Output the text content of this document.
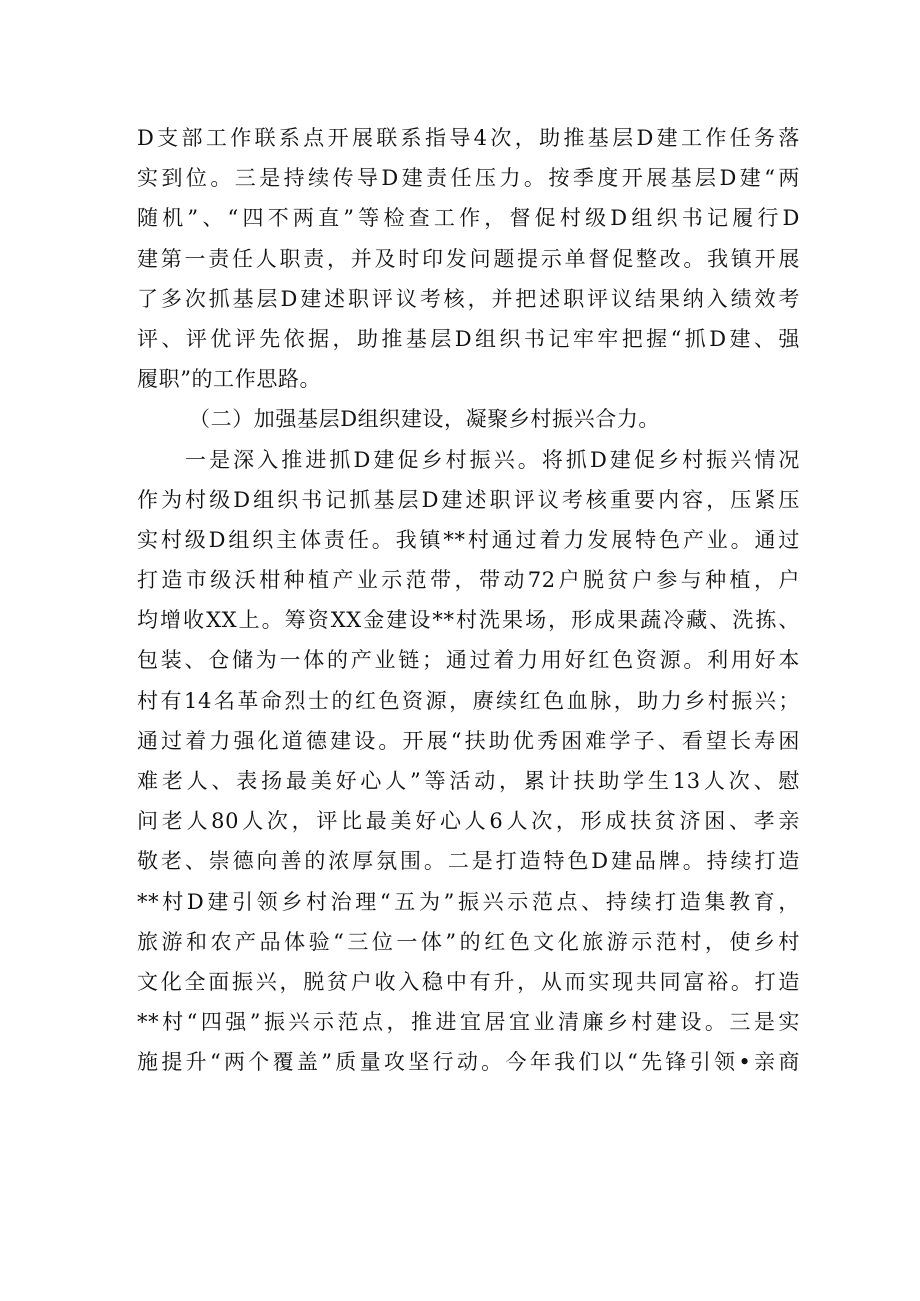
D支部工作联系点开展联系指导4次，助推基层D建工作任务落
实到位。三是持续传导D建责任压力。按季度开展基层D建“两
随机”、“四不两直”等检查工作，督促村级D组织书记履行D
建第一责任人职责，并及时印发问题提示单督促整改。我镇开展
了多次抓基层D建述职评议考核，并把述职评议结果纳入绩效考
评、评优评先依据，助推基层D组织书记牢牢把握“抓D建、强
履职”的工作思路。
（二）加强基层D组织建设，凝聚乡村振兴合力。
一是深入推进抓D建促乡村振兴。将抓D建促乡村振兴情况
作为村级D组织书记抓基层D建述职评议考核重要内容，压紧压
实村级D组织主体责任。我镇**村通过着力发展特色产业。通过
打造市级沃柑种植产业示范带，带动72户脱贫户参与种植，户
均增收XX上。筹资XX金建设**村洗果场，形成果蔬冷藏、洗拣、
包装、仓储为一体的产业链；通过着力用好红色资源。利用好本
村有14名革命烈士的红色资源，赓续红色血脉，助力乡村振兴；
通过着力强化道德建设。开展“扶助优秀困难学子、看望长寿困
难老人、表扬最美好心人”等活动，累计扶助学生13人次、慰
问老人80人次，评比最美好心人6人次，形成扶贫济困、孝亲
敬老、崇德向善的浓厚氛围。二是打造特色D建品牌。持续打造
**村D建引领乡村治理“五为”振兴示范点、持续打造集教育，
旅游和农产品体验“三位一体”的红色文化旅游示范村，使乡村
文化全面振兴，脱贫户收入稳中有升，从而实现共同富裕。打造
**村“四强”振兴示范点，推进宜居宜业清廉乡村建设。三是实
施提升“两个覆盖”质量攻坚行动。今年我们以“先锋引领•亲商
